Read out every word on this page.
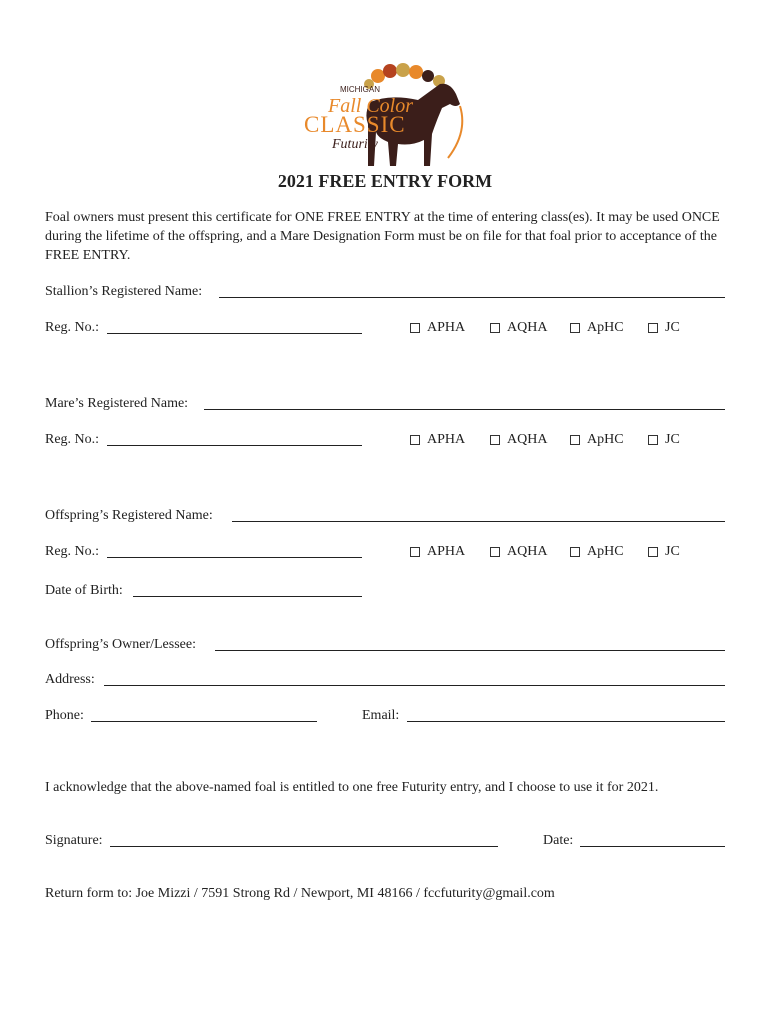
MICHIGAN
Fall Color
CLASSIC
Futurity
2021 FREE ENTRY FORM
Foal owners must present this certificate for ONE FREE ENTRY at the time of entering class(es). It may be used ONCE during the lifetime of the offspring, and a Mare Designation Form must be on file for that foal prior to acceptance of the FREE ENTRY.
Stallion’s Registered Name:
Reg. No.:	APHA	AQHA	ApHC	JC
Mare’s Registered Name:
Reg. No.:	APHA	AQHA	ApHC	JC
Offspring’s Registered Name:
Reg. No.:	APHA	AQHA	ApHC	JC
Date of Birth:
Offspring’s Owner/Lessee:
Address:
Phone:	Email:
I acknowledge that the above-named foal is entitled to one free Futurity entry, and I choose to use it for 2021.
Signature:	Date:
Return form to: Joe Mizzi / 7591 Strong Rd / Newport, MI 48166 / fccfuturity@gmail.com
